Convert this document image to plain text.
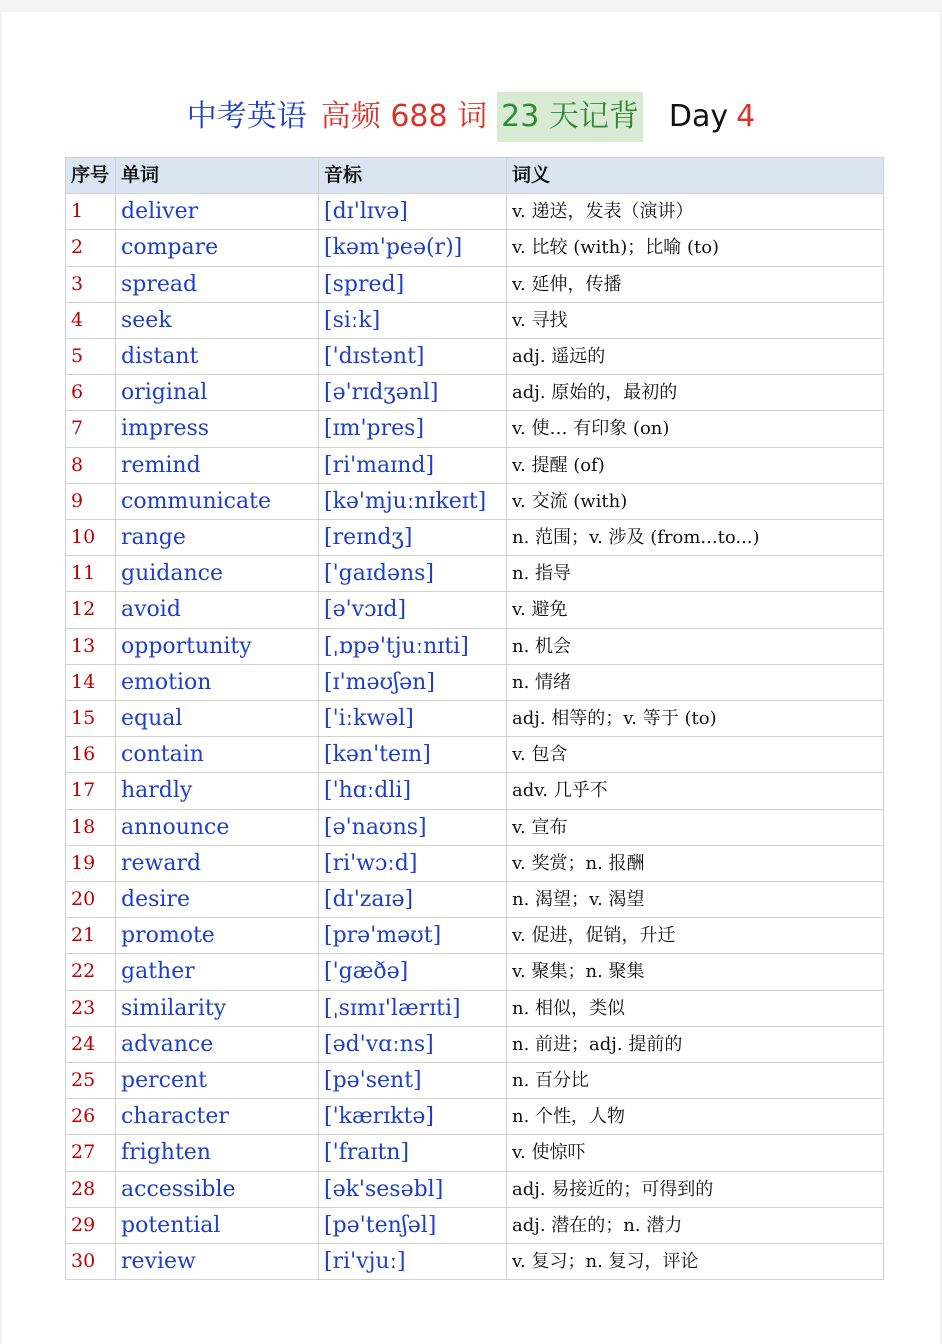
中考英语 高频 688 词 23 天记背 Day 4
序号	单词	音标	词义
1	deliver	[dɪ'lɪvə]	v. 递送，发表（演讲）
2	compare	[kəm'peə(r)]	v. 比较 (with)；比喻 (to)
3	spread	[spred]	v. 延伸，传播
4	seek	[siːk]	v. 寻找
5	distant	['dɪstənt]	adj. 遥远的
6	original	[ə'rɪdʒənl]	adj. 原始的，最初的
7	impress	[ɪm'pres]	v. 使… 有印象 (on)
8	remind	[ri'maɪnd]	v. 提醒 (of)
9	communicate	[kə'mjuːnɪkeɪt]	v. 交流 (with)
10	range	[reɪndʒ]	n. 范围；v. 涉及 (from...to...)
11	guidance	['gaɪdəns]	n. 指导
12	avoid	[ə'vɔɪd]	v. 避免
13	opportunity	[ˌɒpə'tjuːnɪti]	n. 机会
14	emotion	[ɪ'məʊʃən]	n. 情绪
15	equal	['iːkwəl]	adj. 相等的；v. 等于 (to)
16	contain	[kən'teɪn]	v. 包含
17	hardly	['hɑːdli]	adv. 几乎不
18	announce	[ə'naʊns]	v. 宣布
19	reward	[ri'wɔːd]	v. 奖赏；n. 报酬
20	desire	[dɪ'zaɪə]	n. 渴望；v. 渴望
21	promote	[prə'məʊt]	v. 促进，促销，升迁
22	gather	['gæðə]	v. 聚集；n. 聚集
23	similarity	[ˌsɪmɪ'lærɪti]	n. 相似，类似
24	advance	[əd'vɑːns]	n. 前进；adj. 提前的
25	percent	[pə'sent]	n. 百分比
26	character	['kærɪktə]	n. 个性，人物
27	frighten	['fraɪtn]	v. 使惊吓
28	accessible	[ək'sesəbl]	adj. 易接近的；可得到的
29	potential	[pə'tenʃəl]	adj. 潜在的；n. 潜力
30	review	[ri'vjuː]	v. 复习；n. 复习，评论
